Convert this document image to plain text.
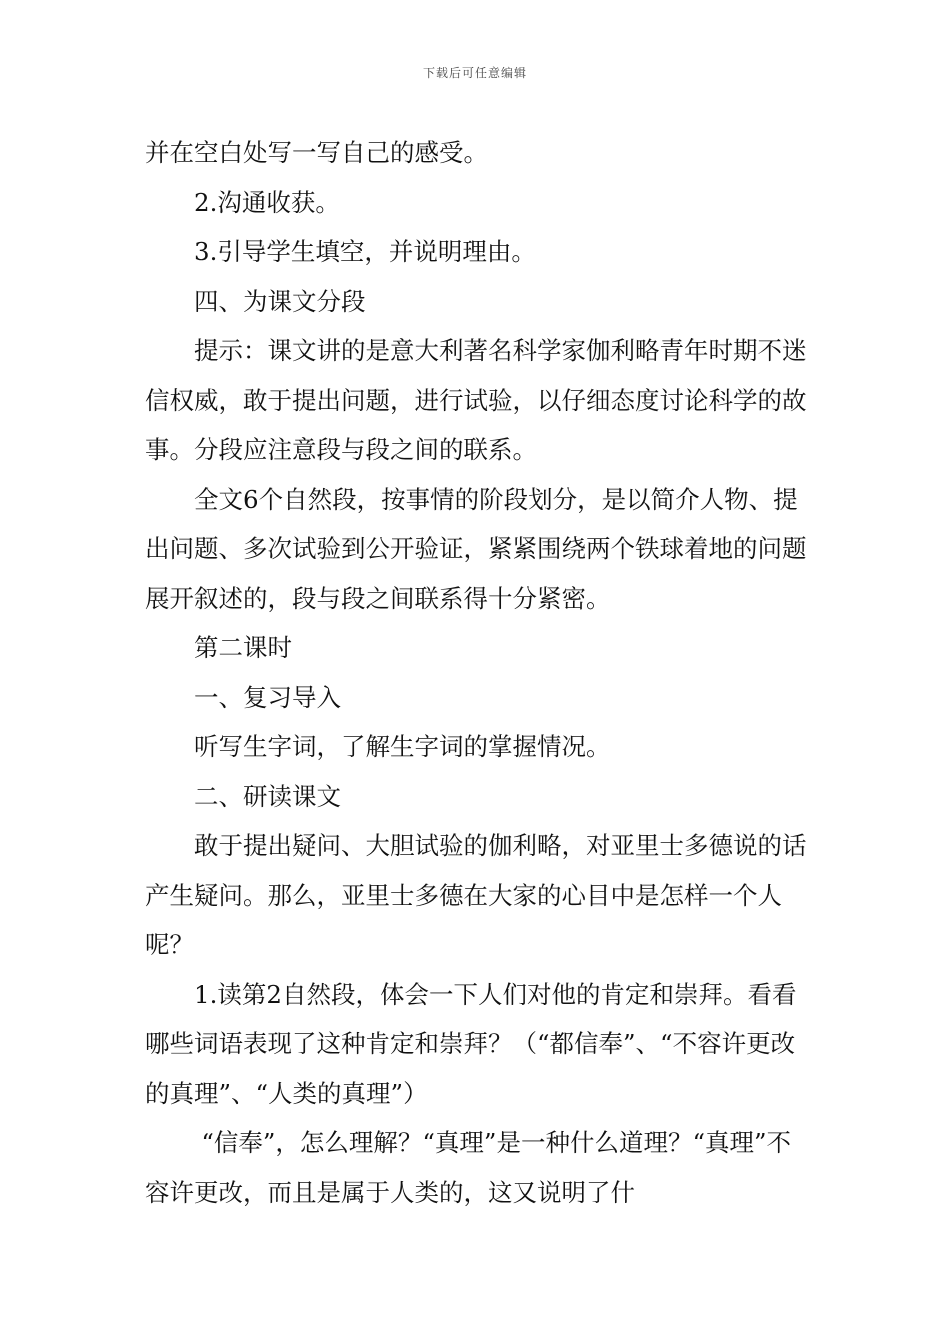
下载后可任意编辑

并在空白处写一写自己的感受。

2.沟通收获。

3.引导学生填空，并说明理由。

四、为课文分段

提示：课文讲的是意大利著名科学家伽利略青年时期不迷信权威，敢于提出问题，进行试验，以仔细态度讨论科学的故事。分段应注意段与段之间的联系。

全文6个自然段，按事情的阶段划分，是以简介人物、提出问题、多次试验到公开验证，紧紧围绕两个铁球着地的问题展开叙述的，段与段之间联系得十分紧密。

第二课时

一、复习导入

听写生字词，了解生字词的掌握情况。

二、研读课文

敢于提出疑问、大胆试验的伽利略，对亚里士多德说的话产生疑问。那么，亚里士多德在大家的心目中是怎样一个人呢？

1.读第2自然段，体会一下人们对他的肯定和崇拜。看看哪些词语表现了这种肯定和崇拜？（“都信奉”、“不容许更改的真理”、“人类的真理”）

“信奉”，怎么理解？“真理”是一种什么道理？“真理”不容许更改，而且是属于人类的，这又说明了什
